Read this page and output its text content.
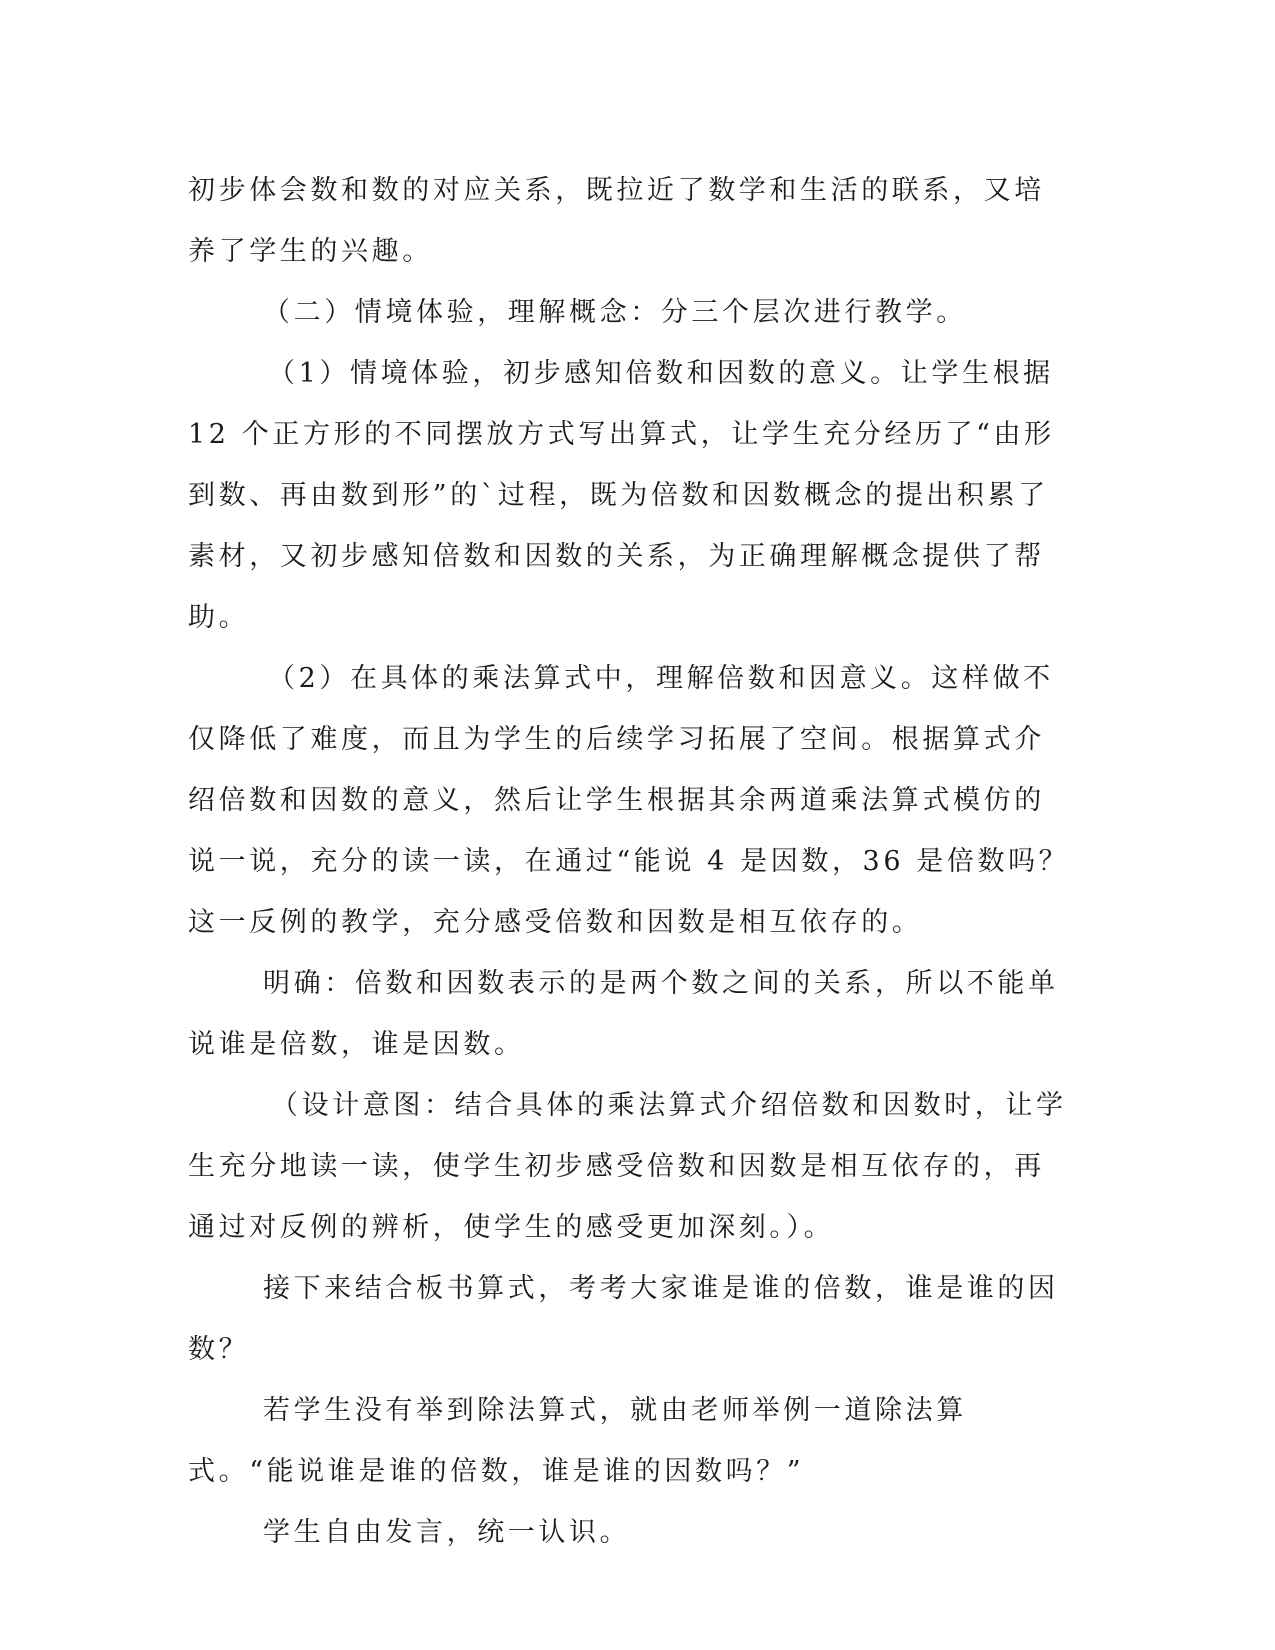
初步体会数和数的对应关系，既拉近了数学和生活的联系，又培养了学生的兴趣。

（二）情境体验，理解概念：分三个层次进行教学。

（1）情境体验，初步感知倍数和因数的意义。让学生根据 12 个正方形的不同摆放方式写出算式，让学生充分经历了“由形到数、再由数到形”的`过程，既为倍数和因数概念的提出积累了素材，又初步感知倍数和因数的关系，为正确理解概念提供了帮助。

（2）在具体的乘法算式中，理解倍数和因意义。这样做不仅降低了难度，而且为学生的后续学习拓展了空间。根据算式介绍倍数和因数的意义，然后让学生根据其余两道乘法算式模仿的说一说，充分的读一读，在通过“能说 4 是因数，36 是倍数吗？这一反例的教学，充分感受倍数和因数是相互依存的。

明确：倍数和因数表示的是两个数之间的关系，所以不能单说谁是倍数，谁是因数。

（设计意图：结合具体的乘法算式介绍倍数和因数时，让学生充分地读一读，使学生初步感受倍数和因数是相互依存的，再通过对反例的辨析，使学生的感受更加深刻。）。

接下来结合板书算式，考考大家谁是谁的倍数，谁是谁的因数？

若学生没有举到除法算式，就由老师举例一道除法算式。“能说谁是谁的倍数，谁是谁的因数吗？”

学生自由发言，统一认识。
